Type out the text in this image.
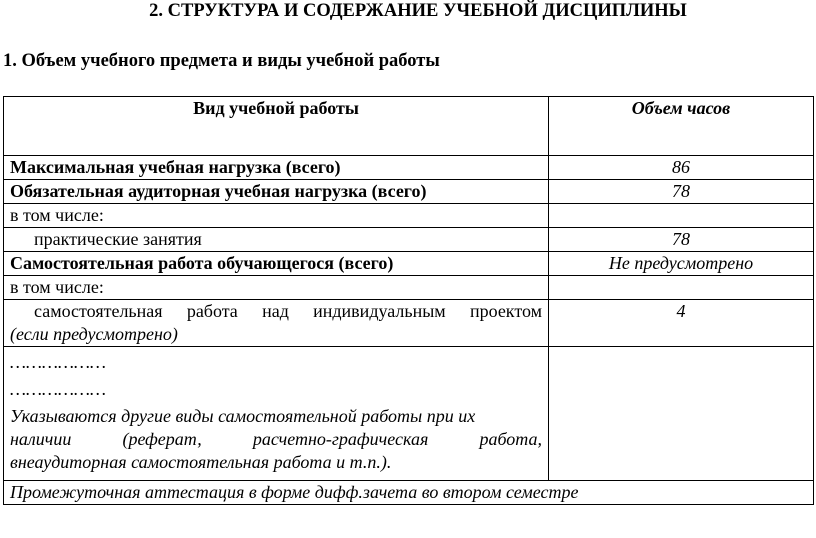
2. СТРУКТУРА И СОДЕРЖАНИЕ УЧЕБНОЙ ДИСЦИПЛИНЫ
1. Объем учебного предмета и виды учебной работы
Вид учебной работы	Объем часов
Максимальная учебная нагрузка (всего)	86
Обязательная аудиторная учебная нагрузка (всего)	78
в том числе:	
практические занятия	78
Самостоятельная работа обучающегося (всего)	Не предусмотрено
в том числе:	

самостоятельная работа над индивидуальным проектом
(если предусмотрено)	4

………………
………………
Указываются другие виды самостоятельной работы при их
наличии (реферат, расчетно-графическая работа,
внеаудиторная самостоятельная работа и т.п.).	

Промежуточная аттестация в форме дифф.зачета во втором семестре	
